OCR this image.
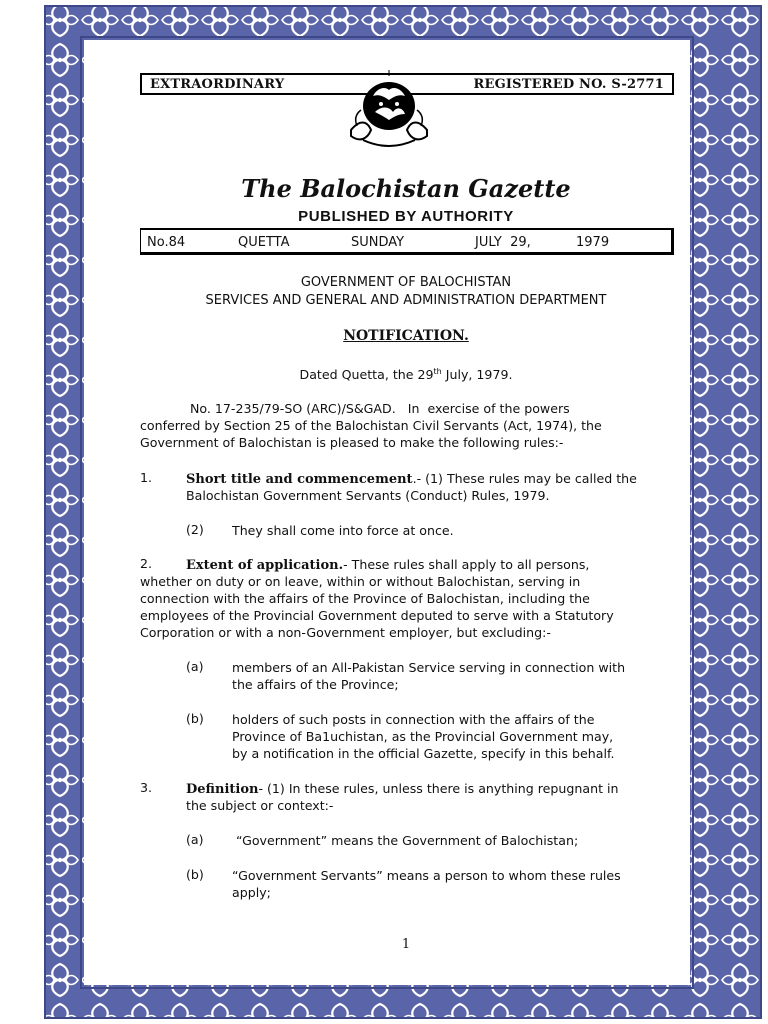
EXTRAORDINARY	REGISTERED NO. S-2771
The Balochistan Gazette
PUBLISHED BY AUTHORITY
No.84	QUETTA	SUNDAY	JULY  29,	1979
GOVERNMENT OF BALOCHISTAN
SERVICES AND GENERAL AND ADMINISTRATION DEPARTMENT
NOTIFICATION.
Dated Quetta, the 29th July, 1979.
No. 17-235/79-SO (ARC)/S&GAD.   In  exercise of the powers
conferred by Section 25 of the Balochistan Civil Servants (Act, 1974), the
Government of Balochistan is pleased to make the following rules:-
1.	Short title and commencement.- (1) These rules may be called the
Balochistan Government Servants (Conduct) Rules, 1979.
(2) They shall come into force at once.
2.	Extent of application.- These rules shall apply to all persons,
whether on duty or on leave, within or without Balochistan, serving in
connection with the affairs of the Province of Balochistan, including the
employees of the Provincial Government deputed to serve with a Statutory
Corporation or with a non-Government employer, but excluding:-
(a) members of an All-Pakistan Service serving in connection with
the affairs of the Province;
(b) holders of such posts in connection with the affairs of the
Province of Ba1uchistan, as the Provincial Government may,
by a notification in the official Gazette, specify in this behalf.
3.	Definition- (1) In these rules, unless there is anything repugnant in
the subject or context:-
(a) “Government” means the Government of Balochistan;
(b) “Government Servants” means a person to whom these rules
apply;
1
